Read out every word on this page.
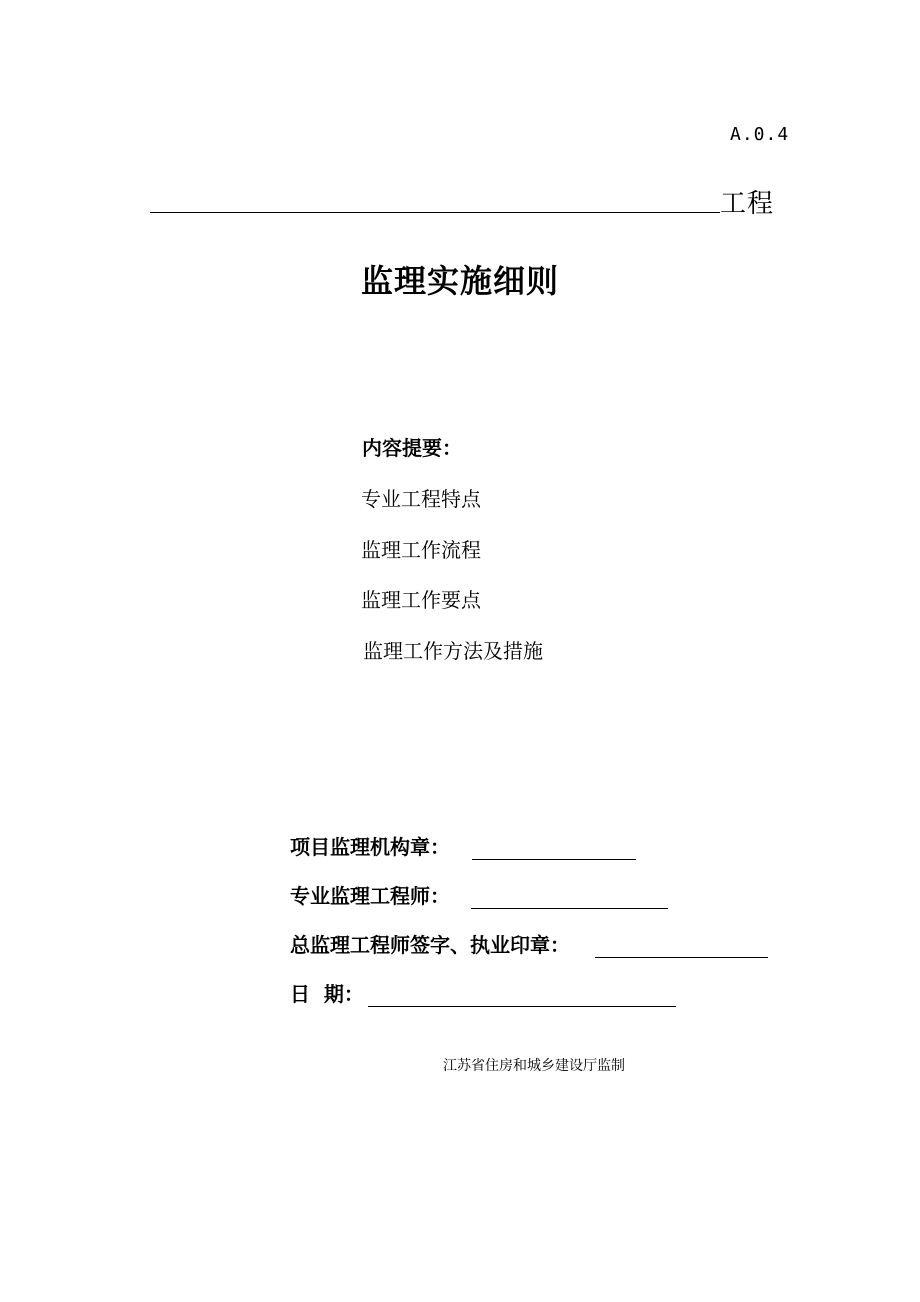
A.0.4
工程
监理实施细则
内容提要：
专业工程特点
监理工作流程
监理工作要点
监理工作方法及措施
项目监理机构章：
专业监理工程师：
总监理工程师签字、执业印章：
日  期：
江苏省住房和城乡建设厅监制
